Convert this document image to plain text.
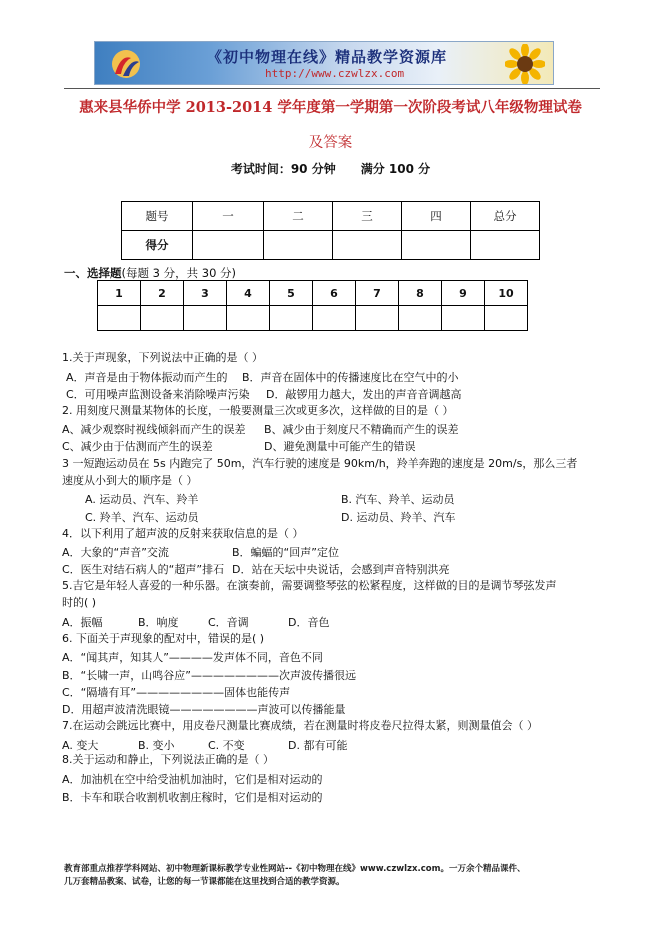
《初中物理在线》精品教学资源库
http://www.czwlzx.com
惠来县华侨中学 2013-2014 学年度第一学期第一次阶段考试八年级物理试卷
及答案
考试时间：90 分钟      满分 100 分
题号	一	二	三	四	总分
得分					
一、选择题(每题 3 分，共 30 分)
1	2	3	4	5	6	7	8	9	10

1.关于声现象，下列说法中正确的是（ ）
A．声音是由于物体振动而产生的 B．声音在固体中的传播速度比在空气中的小
C．可用噪声监测设备来消除噪声污染 D．敲锣用力越大，发出的声音音调越高
2. 用刻度尺测量某物体的长度，一般要测量三次或更多次，这样做的目的是（ ）
A、减少观察时视线倾斜而产生的误差 B、减少由于刻度尺不精确而产生的误差
C、减少由于估测而产生的误差	D、避免测量中可能产生的错误
3 一短跑运动员在 5s 内跑完了 50m，汽车行驶的速度是 90km/h，羚羊奔跑的速度是 20m/s，那么三者
速度从小到大的顺序是（ ）
A. 运动员、汽车、羚羊	B. 汽车、羚羊、运动员
C. 羚羊、汽车、运动员	D. 运动员、羚羊、汽车
4．以下利用了超声波的反射来获取信息的是（ ）
A．大象的“声音”交流	B．蝙蝠的“回声”定位
C．医生对结石病人的“超声”排石 D．站在天坛中央说话，会感到声音特别洪亮
5.吉它是年轻人喜爱的一种乐器。在演奏前，需要调整琴弦的松紧程度，这样做的目的是调节琴弦发声
时的( )
A．振幅	B．响度	C．音调	D．音色
6. 下面关于声现象的配对中，错误的是( )
A．“闻其声，知其人”————发声体不同，音色不同
B．“长啸一声，山鸣谷应”————————次声波传播很远
C．“隔墙有耳”————————固体也能传声
D．用超声波清洗眼镜————————声波可以传播能量
7.在运动会跳远比赛中，用皮卷尺测量比赛成绩，若在测量时将皮卷尺拉得太紧，则测量值会（ ）
A. 变大	B. 变小	C. 不变	D. 都有可能
8.关于运动和静止，下列说法正确的是（ ）
A．加油机在空中给受油机加油时，它们是相对运动的
B．卡车和联合收割机收割庄稼时，它们是相对运动的
教育部重点推荐学科网站、初中物理新课标教学专业性网站--《初中物理在线》www.czwlzx.com。一万余个精品课件、
几万套精品教案、试卷，让您的每一节课都能在这里找到合适的教学资源。
